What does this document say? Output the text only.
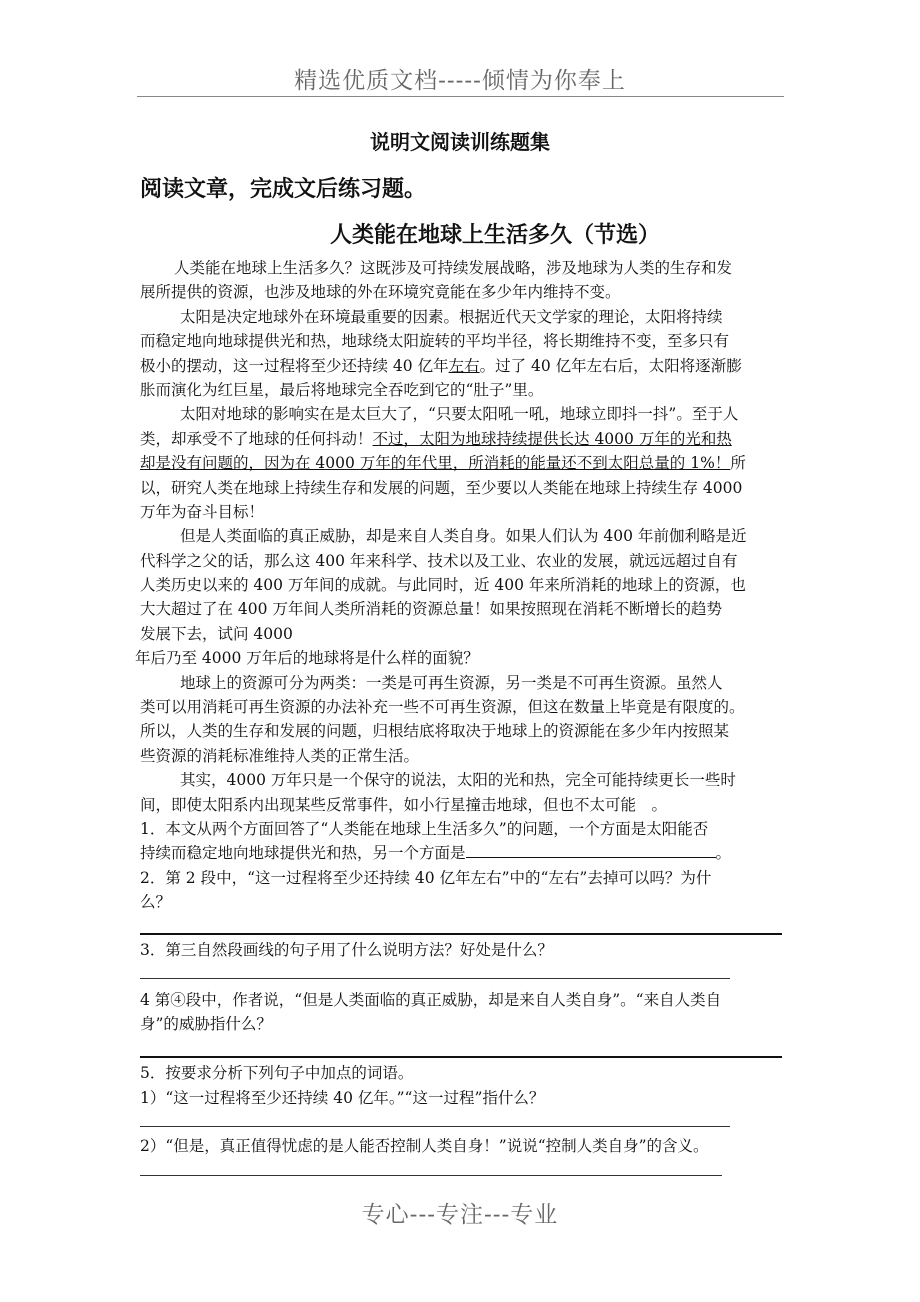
精选优质文档-----倾情为你奉上
说明文阅读训练题集
阅读文章，完成文后练习题。
人类能在地球上生活多久（节选）
人类能在地球上生活多久？这既涉及可持续发展战略，涉及地球为人类的生存和发
展所提供的资源，也涉及地球的外在环境究竟能在多少年内维持不变。
太阳是决定地球外在环境最重要的因素。根据近代天文学家的理论，太阳将持续
而稳定地向地球提供光和热，地球绕太阳旋转的平均半径，将长期维持不变，至多只有
极小的摆动，这一过程将至少还持续 40 亿年左右。过了 40 亿年左右后，太阳将逐渐膨
胀而演化为红巨星，最后将地球完全吞吃到它的“肚子”里。
太阳对地球的影响实在是太巨大了，“只要太阳吼一吼，地球立即抖一抖”。至于人
类，却承受不了地球的任何抖动！不过，太阳为地球持续提供长达 4000 万年的光和热
却是没有问题的，因为在 4000 万年的年代里，所消耗的能量还不到太阳总量的 1%！所
以，研究人类在地球上持续生存和发展的问题，至少要以人类能在地球上持续生存 4000
万年为奋斗目标！
但是人类面临的真正威胁，却是来自人类自身。如果人们认为 400 年前伽利略是近
代科学之父的话，那么这 400 年来科学、技术以及工业、农业的发展，就远远超过自有
人类历史以来的 400 万年间的成就。与此同时，近 400 年来所消耗的地球上的资源，也
大大超过了在 400 万年间人类所消耗的资源总量！如果按照现在消耗不断增长的趋势
发展下去，试问 4000
年后乃至 4000 万年后的地球将是什么样的面貌？
地球上的资源可分为两类：一类是可再生资源，另一类是不可再生资源。虽然人
类可以用消耗可再生资源的办法补充一些不可再生资源，但这在数量上毕竟是有限度的。
所以，人类的生存和发展的问题，归根结底将取决于地球上的资源能在多少年内按照某
些资源的消耗标准维持人类的正常生活。
其实，4000 万年只是一个保守的说法，太阳的光和热，完全可能持续更长一些时
间，即使太阳系内出现某些反常事件，如小行星撞击地球，但也不太可能　。
1．本文从两个方面回答了“人类能在地球上生活多久”的问题，一个方面是太阳能否
持续而稳定地向地球提供光和热，另一个方面是	。
2．第 2 段中，“这一过程将至少还持续 40 亿年左右”中的“左右”去掉可以吗？为什
么？
3．第三自然段画线的句子用了什么说明方法？好处是什么？
4 第④段中，作者说，“但是人类面临的真正威胁，却是来自人类自身”。“来自人类自
身”的威胁指什么？
5．按要求分析下列句子中加点的词语。
1）“这一过程将至少还持续 40 亿年。”“这一过程”指什么？
2）“但是，真正值得忧虑的是人能否控制人类自身！”说说“控制人类自身”的含义。
专心---专注---专业
